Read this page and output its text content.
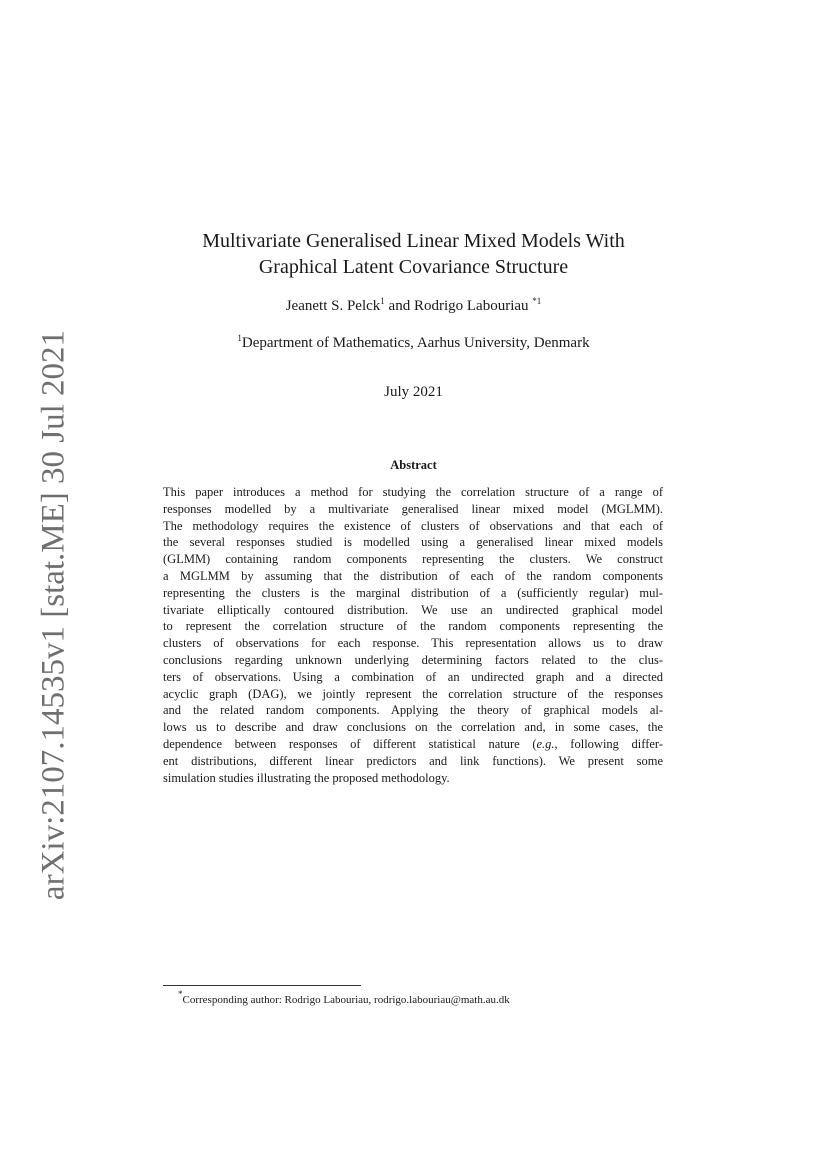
arXiv:2107.14535v1 [stat.ME] 30 Jul 2021
Multivariate Generalised Linear Mixed Models With
Graphical Latent Covariance Structure
Jeanett S. Pelck$^1$ and Rodrigo Labouriau $^{*1}$
$^1$Department of Mathematics, Aarhus University, Denmark
July 2021
Abstract
This paper introduces a method for studying the correlation structure of a range of
responses modelled by a multivariate generalised linear mixed model (MGLMM).
The methodology requires the existence of clusters of observations and that each of
the several responses studied is modelled using a generalised linear mixed models
(GLMM) containing random components representing the clusters. We construct
a MGLMM by assuming that the distribution of each of the random components
representing the clusters is the marginal distribution of a (sufficiently regular) mul-
tivariate elliptically contoured distribution. We use an undirected graphical model
to represent the correlation structure of the random components representing the
clusters of observations for each response. This representation allows us to draw
conclusions regarding unknown underlying determining factors related to the clus-
ters of observations. Using a combination of an undirected graph and a directed
acyclic graph (DAG), we jointly represent the correlation structure of the responses
and the related random components. Applying the theory of graphical models al-
lows us to describe and draw conclusions on the correlation and, in some cases, the
dependence between responses of different statistical nature (e.g., following differ-
ent distributions, different linear predictors and link functions). We present some
simulation studies illustrating the proposed methodology.
*Corresponding author: Rodrigo Labouriau, rodrigo.labouriau@math.au.dk
